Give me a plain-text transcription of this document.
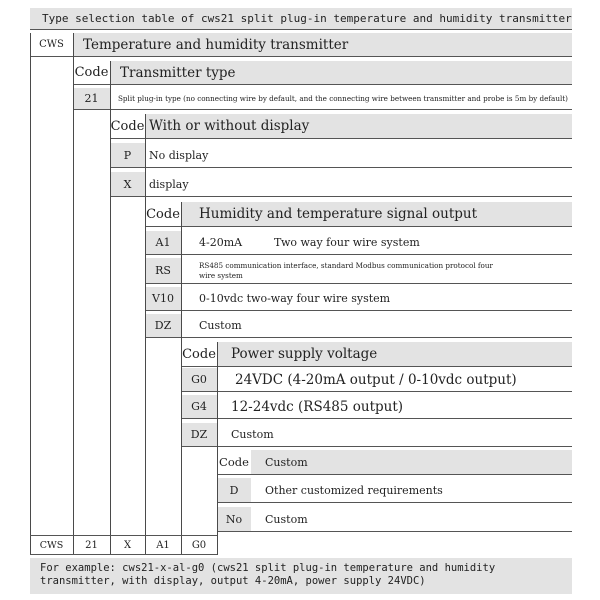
Type selection table of cws21 split plug-in temperature and humidity transmitter
CWS	Temperature and humidity transmitter
Code Transmitter type
21	Split plug-in type (no connecting wire by default, and the connecting wire between transmitter and probe is 5m by default)
Code With or without display
P	No display
X	display
Code	Humidity and temperature signal output
A1	4-20mA	Two way four wire system
RS	RS485 communication interface, standard Modbus communication protocol four wire system
V10	0-10vdc two-way four wire system
DZ	Custom
Code	Power supply voltage
G0	24VDC (4-20mA output / 0-10vdc output)
G4	12-24vdc (RS485 output)
DZ	Custom
Code	Custom
D	Other customized requirements
No	Custom
CWS	21	X	A1	G0
For example: cws21-x-al-g0 (cws21 split plug-in temperature and humidity transmitter, with display, output 4-20mA, power supply 24VDC)
